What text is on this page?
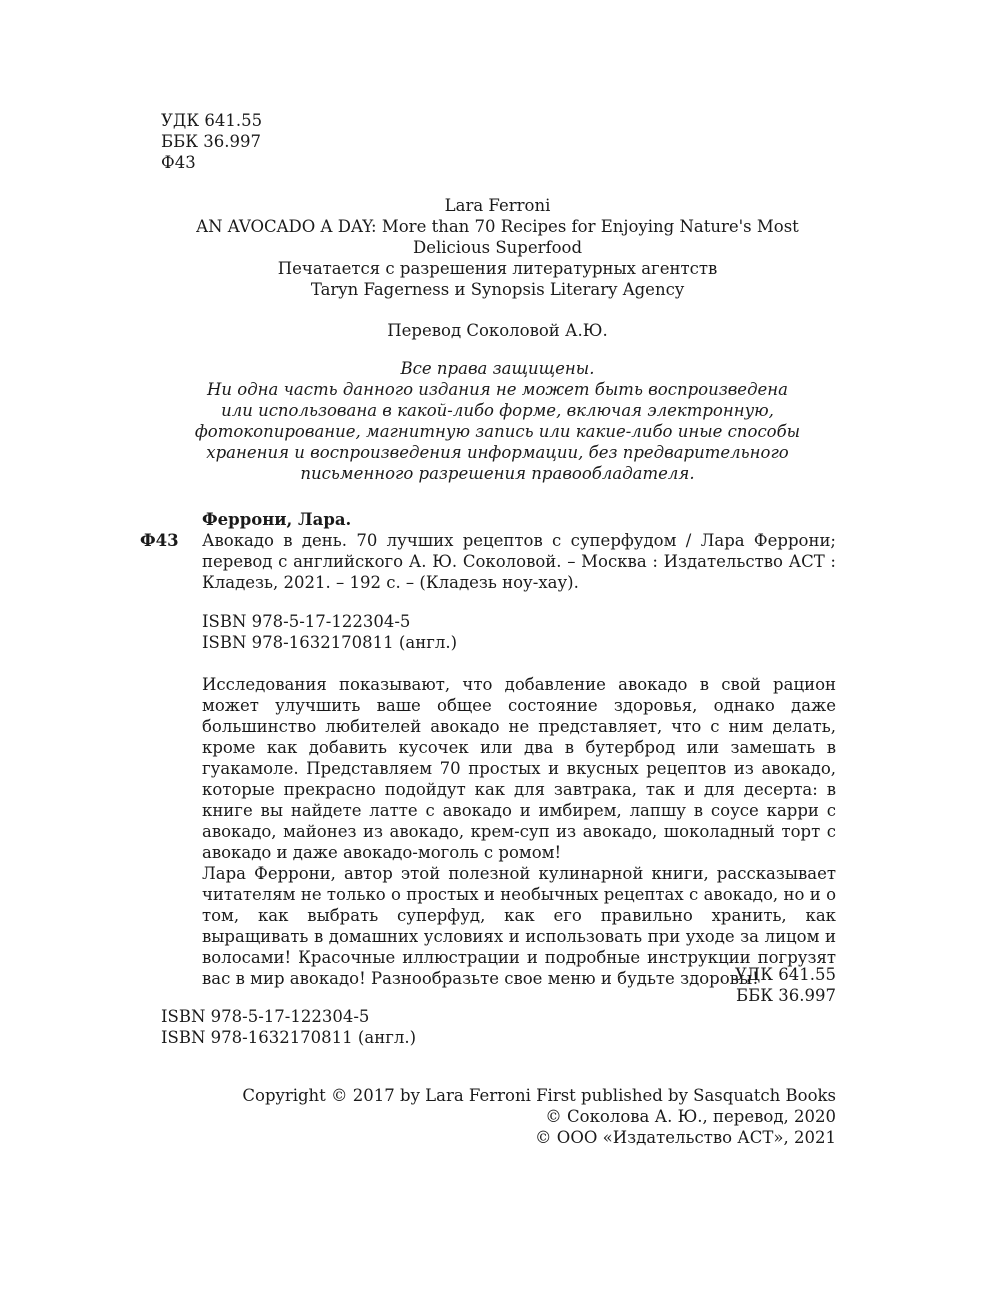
УДК 641.55
ББК 36.997
Ф43
Lara Ferroni
AN AVOCADO A DAY: More than 70 Recipes for Enjoying Nature's Most
Delicious Superfood
Печатается с разрешения литературных агентств
Taryn Fagerness и Synopsis Literary Agency
Перевод Соколовой А.Ю.
Все права защищены.
Ни одна часть данного издания не может быть воспроизведена
или использована в какой-либо форме, включая электронную,
фотокопирование, магнитную запись или какие-либо иные способы
хранения и воспроизведения информации, без предварительного
письменного разрешения правообладателя.
Ф43
Феррони, Лара.
Авокадо в день. 70 лучших рецептов с суперфудом / Лара Феррони; перевод с английского А. Ю. Соколовой. – Москва : Издательство АСТ : Кладезь, 2021. – 192 с. – (Кладезь ноу-хау).
ISBN 978-5-17-122304-5
ISBN 978-1632170811 (англ.)

Исследования показывают, что добавление авокадо в свой рацион может улучшить ваше общее состояние здоровья, однако даже большинство любителей авокадо не представляет, что с ним делать, кроме как добавить кусочек или два в бутерброд или замешать в гуакамоле. Представляем 70 простых и вкусных рецептов из авокадо, которые прекрасно подойдут как для завтрака, так и для десерта: в книге вы найдете латте с авокадо и имбирем, лапшу в соусе карри с авокадо, майонез из авокадо, крем-суп из авокадо, шоколадный торт с авокадо и даже авокадо-моголь с ромом!

Лара Феррони, автор этой полезной кулинарной книги, рассказывает читателям не только о простых и необычных рецептах с авокадо, но и о том, как выбрать суперфуд, как его правильно хранить, как выращивать в домашних условиях и использовать при уходе за лицом и волосами! Красочные иллюстрации и подробные инструкции погрузят вас в мир авокадо! Разнообразьте свое меню и будьте здоровы!

УДК 641.55
ББК 36.997
ISBN 978-5-17-122304-5
ISBN 978-1632170811 (англ.)
Copyright © 2017 by Lara Ferroni First published by Sasquatch Books
© Соколова А. Ю., перевод, 2020
© ООО «Издательство АСТ», 2021
